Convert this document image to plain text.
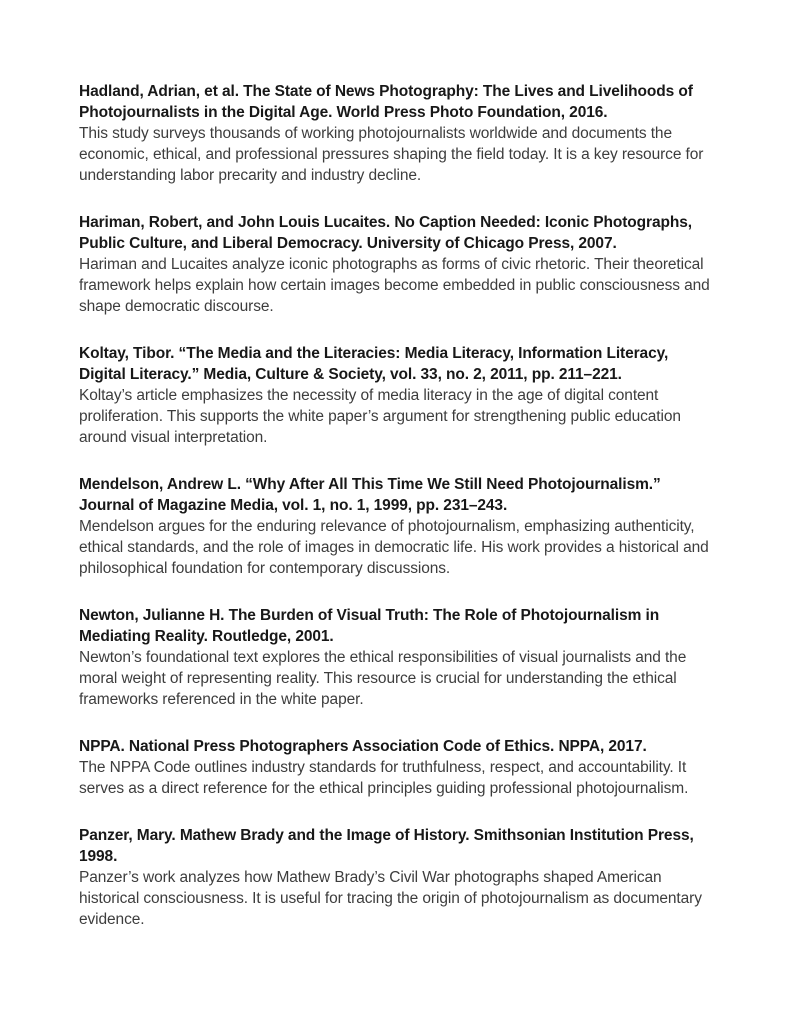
Hadland, Adrian, et al. The State of News Photography: The Lives and Livelihoods of Photojournalists in the Digital Age. World Press Photo Foundation, 2016.

This study surveys thousands of working photojournalists worldwide and documents the economic, ethical, and professional pressures shaping the field today. It is a key resource for understanding labor precarity and industry decline.

Hariman, Robert, and John Louis Lucaites. No Caption Needed: Iconic Photographs, Public Culture, and Liberal Democracy. University of Chicago Press, 2007.

Hariman and Lucaites analyze iconic photographs as forms of civic rhetoric. Their theoretical framework helps explain how certain images become embedded in public consciousness and shape democratic discourse.

Koltay, Tibor. “The Media and the Literacies: Media Literacy, Information Literacy, Digital Literacy.” Media, Culture & Society, vol. 33, no. 2, 2011, pp. 211–221.

Koltay’s article emphasizes the necessity of media literacy in the age of digital content proliferation. This supports the white paper’s argument for strengthening public education around visual interpretation.

Mendelson, Andrew L. “Why After All This Time We Still Need Photojournalism.” Journal of Magazine Media, vol. 1, no. 1, 1999, pp. 231–243.

Mendelson argues for the enduring relevance of photojournalism, emphasizing authenticity, ethical standards, and the role of images in democratic life. His work provides a historical and philosophical foundation for contemporary discussions.

Newton, Julianne H. The Burden of Visual Truth: The Role of Photojournalism in Mediating Reality. Routledge, 2001.

Newton’s foundational text explores the ethical responsibilities of visual journalists and the moral weight of representing reality. This resource is crucial for understanding the ethical frameworks referenced in the white paper.

NPPA. National Press Photographers Association Code of Ethics. NPPA, 2017.

The NPPA Code outlines industry standards for truthfulness, respect, and accountability. It serves as a direct reference for the ethical principles guiding professional photojournalism.

Panzer, Mary. Mathew Brady and the Image of History. Smithsonian Institution Press, 1998.

Panzer’s work analyzes how Mathew Brady’s Civil War photographs shaped American historical consciousness. It is useful for tracing the origin of photojournalism as documentary evidence.
